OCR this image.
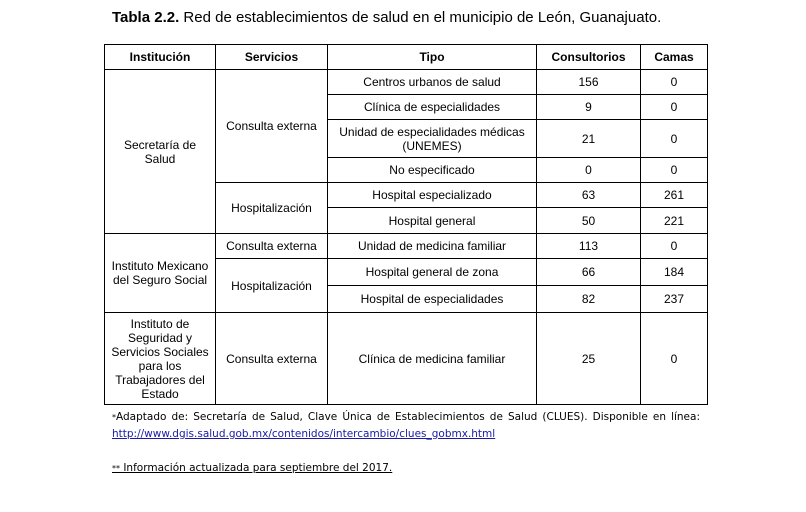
Tabla 2.2. Red de establecimientos de salud en el municipio de León, Guanajuato.
Institución	Servicios	Tipo	Consultorios	Camas
Secretaría de Salud	Consulta externa	Centros urbanos de salud	156	0
		Clínica de especialidades	9	0
		Unidad de especialidades médicas (UNEMES)	21	0
		No especificado	0	0
	Hospitalización	Hospital especializado	63	261
		Hospital general	50	221
Instituto Mexicano del Seguro Social	Consulta externa	Unidad de medicina familiar	113	0
	Hospitalización	Hospital general de zona	66	184
		Hospital de especialidades	82	237
Instituto de Seguridad y Servicios Sociales para los Trabajadores del Estado	Consulta externa	Clínica de medicina familiar	25	0

*Adaptado de: Secretaría de Salud, Clave Única de Establecimientos de Salud (CLUES). Disponible en línea:

http://www.dgis.salud.gob.mx/contenidos/intercambio/clues_gobmx.html

** Información actualizada para septiembre del 2017.
